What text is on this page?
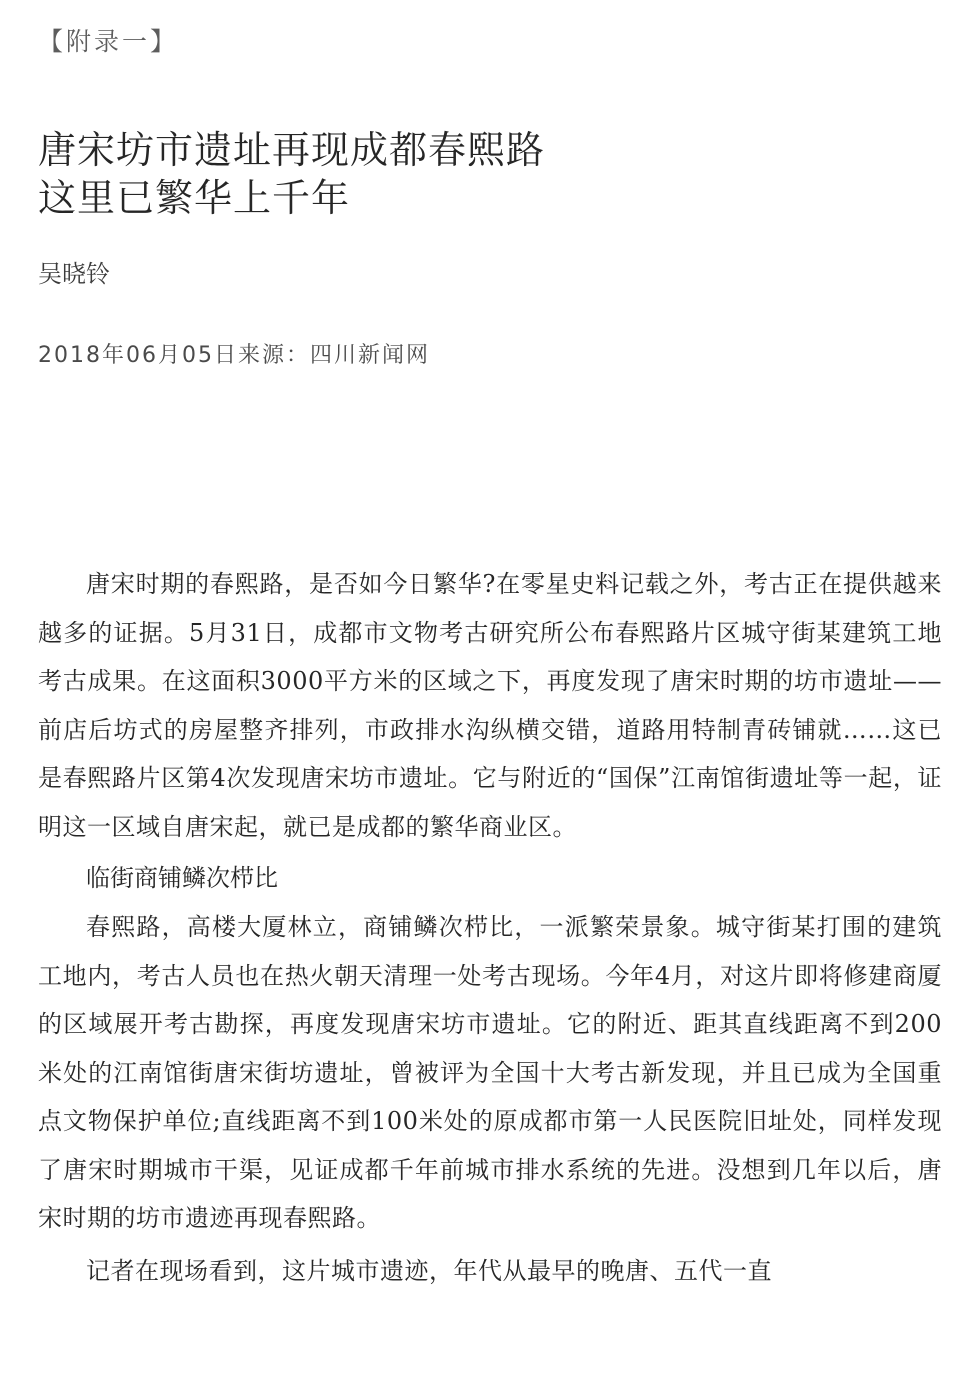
【附录一】
唐宋坊市遗址再现成都春熙路
这里已繁华上千年
吴晓铃
2018年06月05日来源：四川新闻网

唐宋时期的春熙路，是否如今日繁华?在零星史料记载之外，考古正在提供越来越多的证据。5月31日，成都市文物考古研究所公布春熙路片区城守街某建筑工地考古成果。在这面积3000平方米的区域之下，再度发现了唐宋时期的坊市遗址——前店后坊式的房屋整齐排列，市政排水沟纵横交错，道路用特制青砖铺就……这已是春熙路片区第4次发现唐宋坊市遗址。它与附近的“国保”江南馆街遗址等一起，证明这一区域自唐宋起，就已是成都的繁华商业区。

临街商铺鳞次栉比

春熙路，高楼大厦林立，商铺鳞次栉比，一派繁荣景象。城守街某打围的建筑工地内，考古人员也在热火朝天清理一处考古现场。今年4月，对这片即将修建商厦的区域展开考古勘探，再度发现唐宋坊市遗址。它的附近、距其直线距离不到200米处的江南馆街唐宋街坊遗址，曾被评为全国十大考古新发现，并且已成为全国重点文物保护单位;直线距离不到100米处的原成都市第一人民医院旧址处，同样发现了唐宋时期城市干渠，见证成都千年前城市排水系统的先进。没想到几年以后，唐宋时期的坊市遗迹再现春熙路。

记者在现场看到，这片城市遗迹，年代从最早的晚唐、五代一直
